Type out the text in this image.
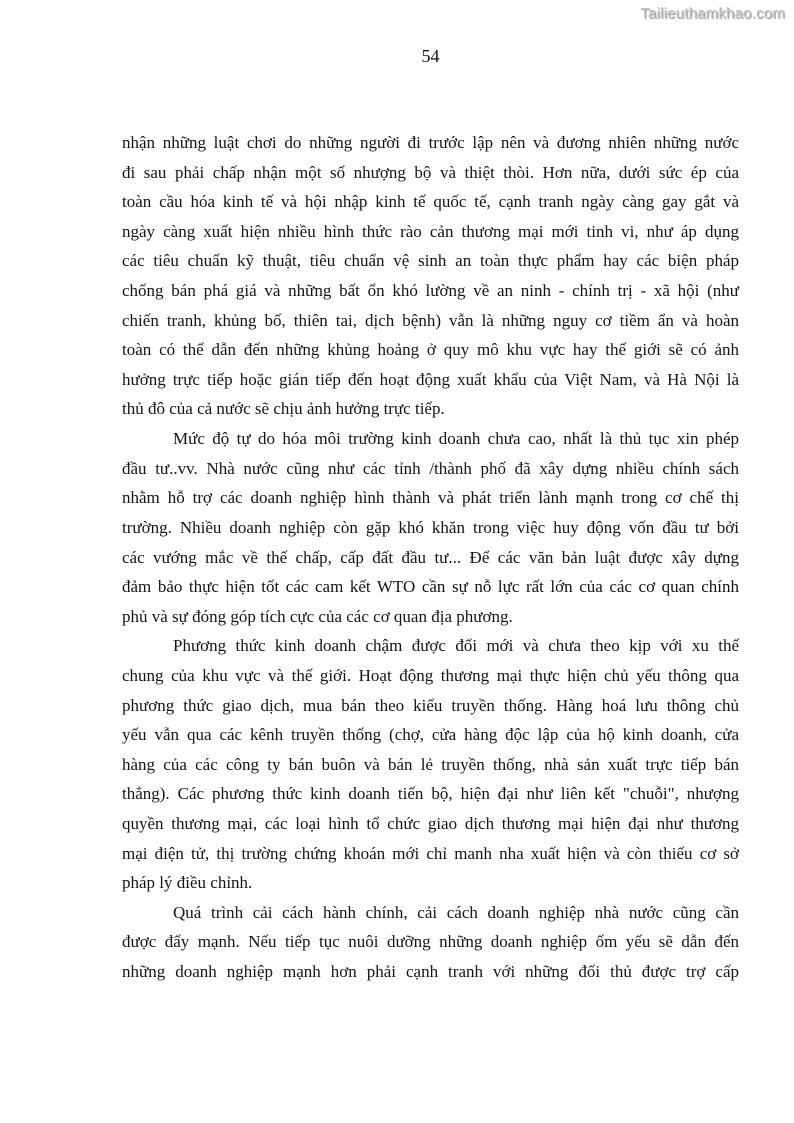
Tailieuthamkhao.com
54
nhận những luật chơi do những người đi trước lập nên và đương nhiên những nước
đi sau phải chấp nhận một số nhượng bộ và thiệt thòi. Hơn nữa, dưới sức ép của
toàn cầu hóa kinh tế và hội nhập kinh tế quốc tế, cạnh tranh ngày càng gay gắt và
ngày càng xuất hiện nhiều hình thức rào cản thương mại mới tinh vi, như áp dụng
các tiêu chuẩn kỹ thuật, tiêu chuẩn vệ sinh an toàn thực phẩm hay các biện pháp
chống bán phá giá và những bất ổn khó lường về an ninh - chính trị - xã hội (như
chiến tranh, khủng bố, thiên tai, dịch bệnh) vẫn là những nguy cơ tiềm ẩn và hoàn
toàn có thể dẫn đến những khủng hoảng ở quy mô khu vực hay thế giới sẽ có ảnh
hưởng trực tiếp hoặc gián tiếp đến hoạt động xuất khẩu của Việt Nam, và Hà Nội là
thủ đô của cả nước sẽ chịu ảnh hưởng trực tiếp.
Mức độ tự do hóa môi trường kinh doanh chưa cao, nhất là thủ tục xin phép
đầu tư..vv. Nhà nước cũng như các tỉnh /thành phố đã xây dựng nhiều chính sách
nhằm hỗ trợ các doanh nghiệp hình thành và phát triển lành mạnh trong cơ chế thị
trường. Nhiều doanh nghiệp còn gặp khó khăn trong việc huy động vốn đầu tư bởi
các vướng mắc về thế chấp, cấp đất đầu tư... Để các văn bản luật được xây dựng
đảm bảo thực hiện tốt các cam kết WTO cần sự nỗ lực rất lớn của các cơ quan chính
phủ và sự đóng góp tích cực của các cơ quan địa phương.
Phương thức kinh doanh chậm được đổi mới và chưa theo kịp với xu thế
chung của khu vực và thế giới. Hoạt động thương mại thực hiện chủ yếu thông qua
phương thức giao dịch, mua bán theo kiểu truyền thống. Hàng hoá lưu thông chủ
yếu vẫn qua các kênh truyền thống (chợ, cửa hàng độc lập của hộ kinh doanh, cửa
hàng của các công ty bán buôn và bán lẻ truyền thống, nhà sản xuất trực tiếp bán
thẳng). Các phương thức kinh doanh tiến bộ, hiện đại như liên kết "chuỗi", nhượng
quyền thương mại, các loại hình tổ chức giao dịch thương mại hiện đại như thương
mại điện tử, thị trường chứng khoán mới chỉ manh nha xuất hiện và còn thiếu cơ sở
pháp lý điều chỉnh.
Quá trình cải cách hành chính, cải cách doanh nghiệp nhà nước cũng cần
được đẩy mạnh. Nếu tiếp tục nuôi dưỡng những doanh nghiệp ốm yếu sẽ dẫn đến
những doanh nghiệp mạnh hơn phải cạnh tranh với những đối thủ được trợ cấp
